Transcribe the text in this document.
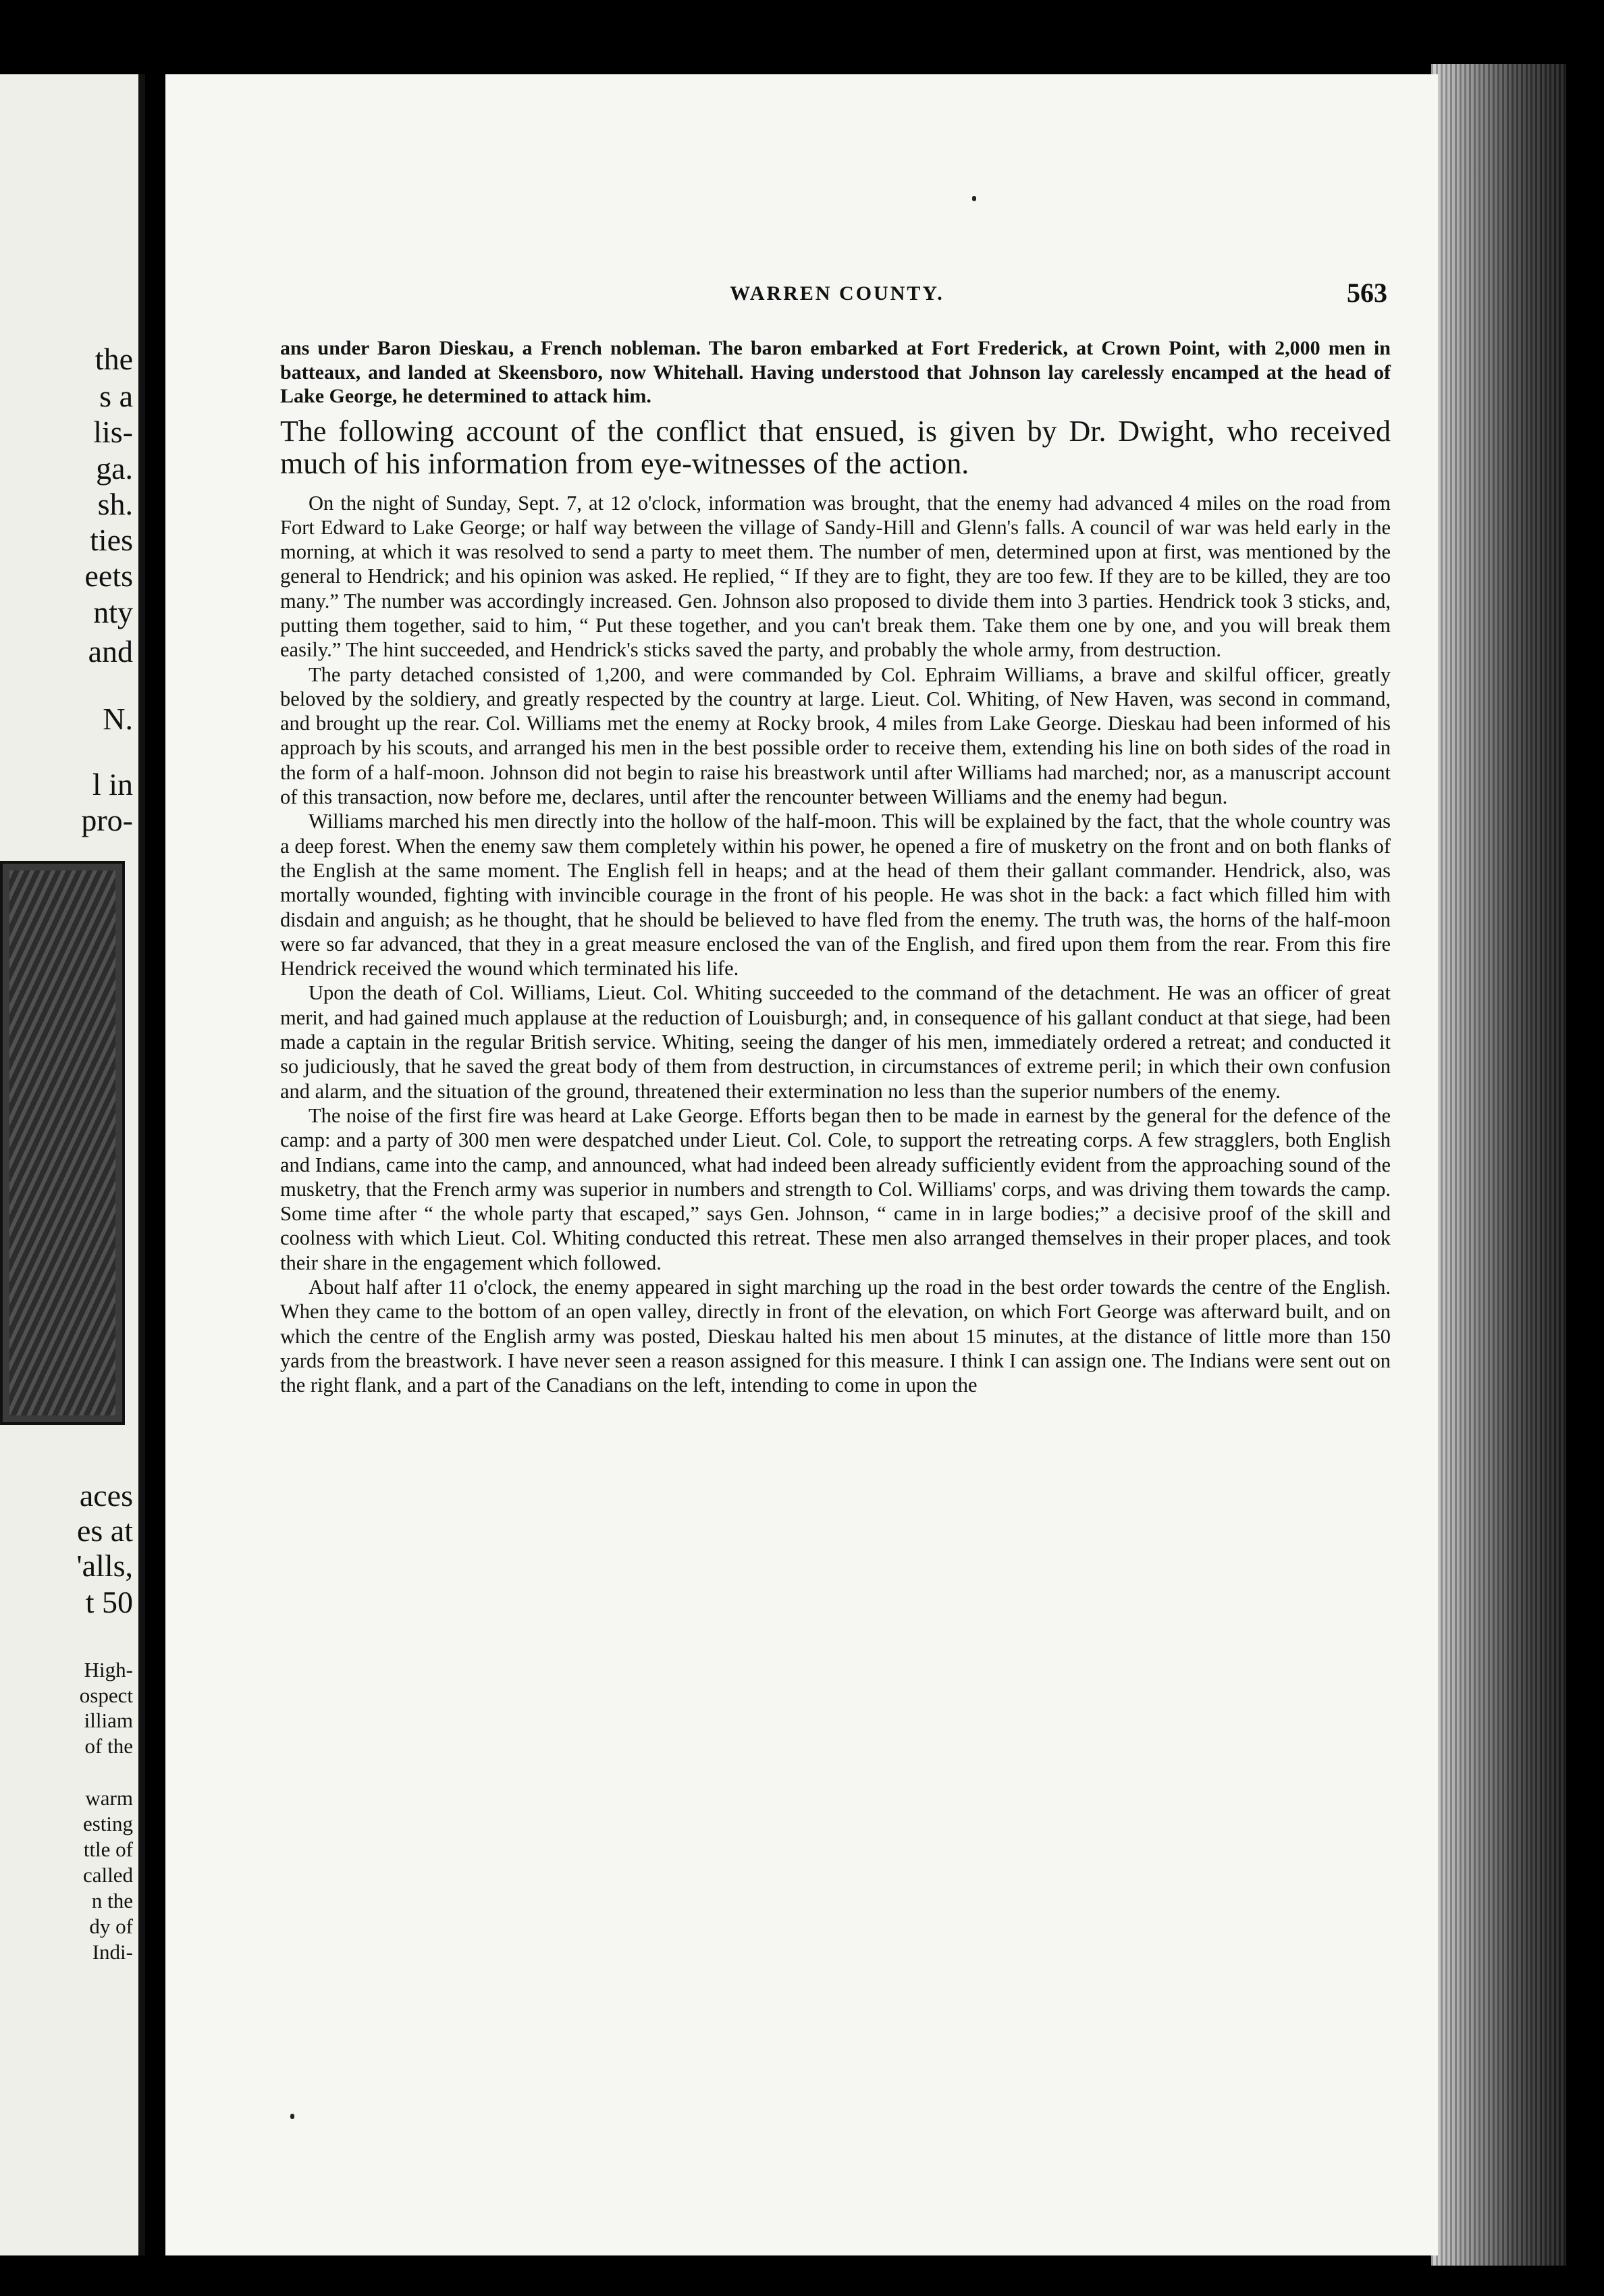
the

s a

lis-

ga.

sh.

ties

eets

nty

and

N.

l in

pro-

aces

es at

'alls,

t 50

High-

ospect

illiam

of the

warm

esting

ttle of

called

n the

dy of

Indi-

WARREN COUNTY.	563

ans under Baron Dieskau, a French nobleman. The baron embarked at Fort Frederick, at Crown Point, with 2,000 men in batteaux, and landed at Skeensboro, now Whitehall. Having understood that Johnson lay carelessly encamped at the head of Lake George, he determined to attack him.

The following account of the conflict that ensued, is given by Dr. Dwight, who received much of his information from eye-witnesses of the action.

On the night of Sunday, Sept. 7, at 12 o'clock, information was brought, that the enemy had advanced 4 miles on the road from Fort Edward to Lake George; or half way between the village of Sandy-Hill and Glenn's falls. A council of war was held early in the morning, at which it was resolved to send a party to meet them. The number of men, determined upon at first, was mentioned by the general to Hendrick; and his opinion was asked. He replied, “ If they are to fight, they are too few. If they are to be killed, they are too many.” The number was accordingly increased. Gen. Johnson also proposed to divide them into 3 parties. Hendrick took 3 sticks, and, putting them together, said to him, “ Put these together, and you can't break them. Take them one by one, and you will break them easily.” The hint succeeded, and Hendrick's sticks saved the party, and probably the whole army, from destruction.

The party detached consisted of 1,200, and were commanded by Col. Ephraim Williams, a brave and skilful officer, greatly beloved by the soldiery, and greatly respected by the country at large. Lieut. Col. Whiting, of New Haven, was second in command, and brought up the rear. Col. Williams met the enemy at Rocky brook, 4 miles from Lake George. Dieskau had been informed of his approach by his scouts, and arranged his men in the best possible order to receive them, extending his line on both sides of the road in the form of a half-moon. Johnson did not begin to raise his breastwork until after Williams had marched; nor, as a manuscript account of this transaction, now before me, declares, until after the rencounter between Williams and the enemy had begun.

Williams marched his men directly into the hollow of the half-moon. This will be explained by the fact, that the whole country was a deep forest. When the enemy saw them completely within his power, he opened a fire of musketry on the front and on both flanks of the English at the same moment. The English fell in heaps; and at the head of them their gallant commander. Hendrick, also, was mortally wounded, fighting with invincible courage in the front of his people. He was shot in the back: a fact which filled him with disdain and anguish; as he thought, that he should be believed to have fled from the enemy. The truth was, the horns of the half-moon were so far advanced, that they in a great measure enclosed the van of the English, and fired upon them from the rear. From this fire Hendrick received the wound which terminated his life.

Upon the death of Col. Williams, Lieut. Col. Whiting succeeded to the command of the detachment. He was an officer of great merit, and had gained much applause at the reduction of Louisburgh; and, in consequence of his gallant conduct at that siege, had been made a captain in the regular British service. Whiting, seeing the danger of his men, immediately ordered a retreat; and conducted it so judiciously, that he saved the great body of them from destruction, in circumstances of extreme peril; in which their own confusion and alarm, and the situation of the ground, threatened their extermination no less than the superior numbers of the enemy.

The noise of the first fire was heard at Lake George. Efforts began then to be made in earnest by the general for the defence of the camp: and a party of 300 men were despatched under Lieut. Col. Cole, to support the retreating corps. A few stragglers, both English and Indians, came into the camp, and announced, what had indeed been already sufficiently evident from the approaching sound of the musketry, that the French army was superior in numbers and strength to Col. Williams' corps, and was driving them towards the camp. Some time after “ the whole party that escaped,” says Gen. Johnson, “ came in in large bodies;” a decisive proof of the skill and coolness with which Lieut. Col. Whiting conducted this retreat. These men also arranged themselves in their proper places, and took their share in the engagement which followed.

About half after 11 o'clock, the enemy appeared in sight marching up the road in the best order towards the centre of the English. When they came to the bottom of an open valley, directly in front of the elevation, on which Fort George was afterward built, and on which the centre of the English army was posted, Dieskau halted his men about 15 minutes, at the distance of little more than 150 yards from the breastwork. I have never seen a reason assigned for this measure. I think I can assign one. The Indians were sent out on the right flank, and a part of the Canadians on the left, intending to come in upon the
